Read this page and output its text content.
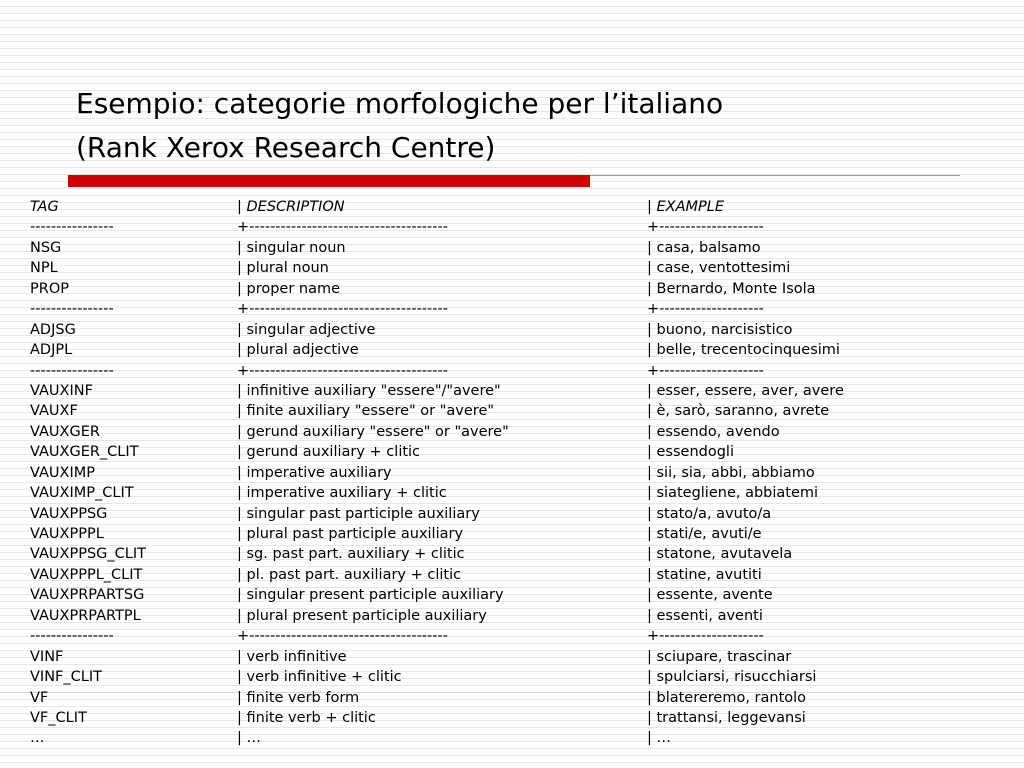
Esempio: categorie morfologiche per l’italiano
(Rank Xerox Research Centre)
TAG	| DESCRIPTION	| EXAMPLE
----------------	+--------------------------------------	+--------------------
NSG	| singular noun	| casa, balsamo
NPL	| plural noun	| case, ventottesimi
PROP	| proper name	| Bernardo, Monte Isola
----------------	+--------------------------------------	+--------------------
ADJSG	| singular adjective	| buono, narcisistico
ADJPL	| plural adjective	| belle, trecentocinquesimi
----------------	+--------------------------------------	+--------------------
VAUXINF	| infinitive auxiliary "essere"/"avere"	| esser, essere, aver, avere
VAUXF	| finite auxiliary "essere" or "avere"	| è, sarò, saranno, avrete
VAUXGER	| gerund auxiliary "essere" or "avere"	| essendo, avendo
VAUXGER_CLIT	| gerund auxiliary + clitic	| essendogli
VAUXIMP	| imperative auxiliary	| sii, sia, abbi, abbiamo
VAUXIMP_CLIT	| imperative auxiliary + clitic	| siategliene, abbiatemi
VAUXPPSG	| singular past participle auxiliary	| stato/a, avuto/a
VAUXPPPL	| plural past participle auxiliary	| stati/e, avuti/e
VAUXPPSG_CLIT	| sg. past part. auxiliary + clitic	| statone, avutavela
VAUXPPPL_CLIT	| pl. past part. auxiliary + clitic	| statine, avutiti
VAUXPRPARTSG	| singular present participle auxiliary	| essente, avente
VAUXPRPARTPL	| plural present participle auxiliary	| essenti, aventi
----------------	+--------------------------------------	+--------------------
VINF	| verb infinitive	| sciupare, trascinar
VINF_CLIT	| verb infinitive + clitic	| spulciarsi, risucchiarsi
VF	| finite verb form	| blatereremo, rantolo
VF_CLIT	| finite verb + clitic	| trattansi, leggevansi
…	| …	| …
